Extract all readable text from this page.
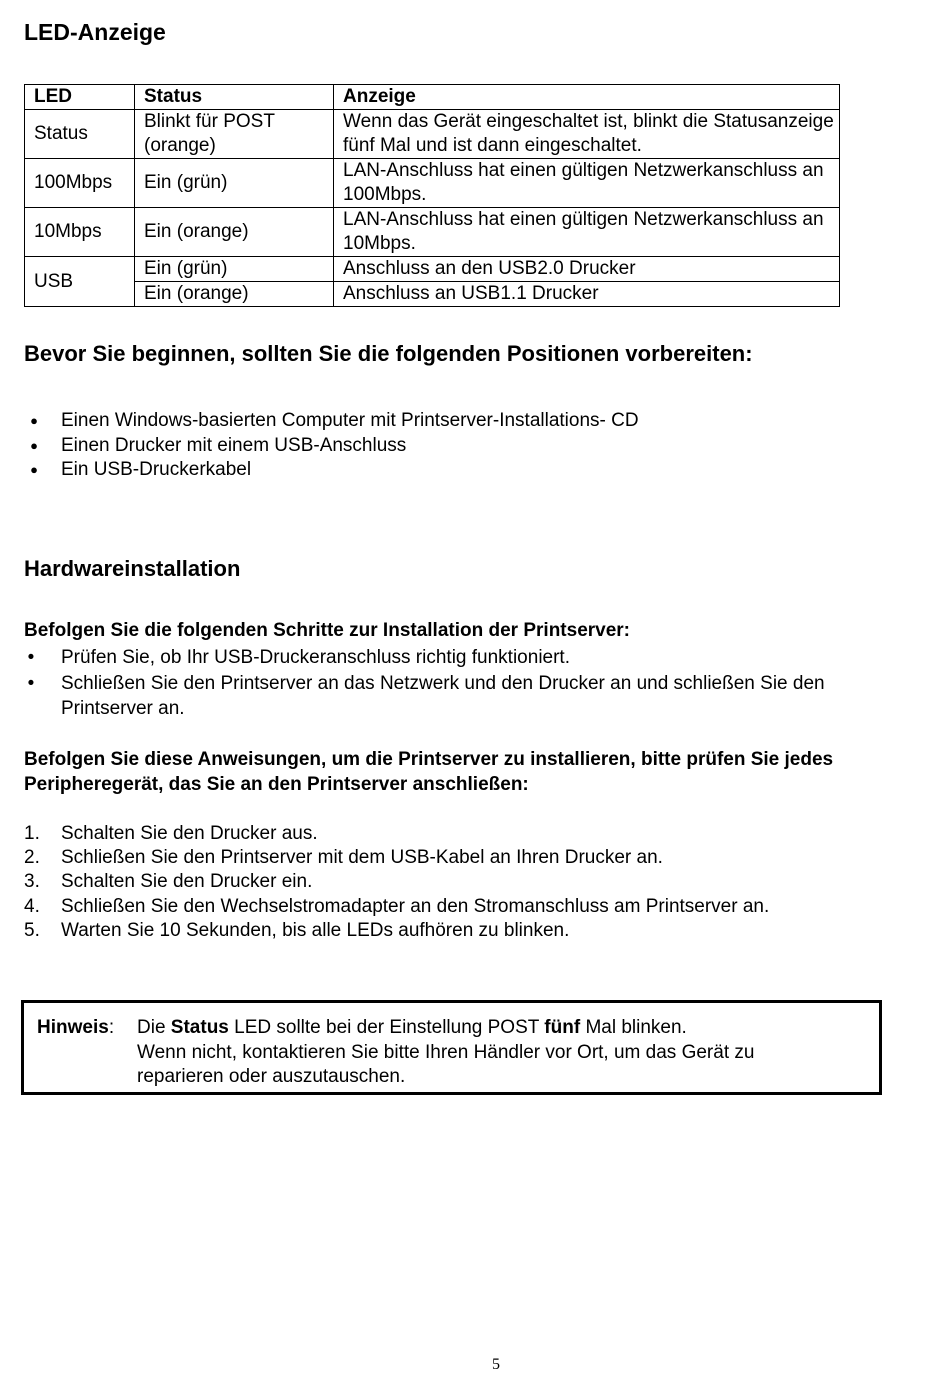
LED-Anzeige
LED	Status	Anzeige
Status	Blinkt für POST (orange)	Wenn das Gerät eingeschaltet ist, blinkt die Statusanzeige fünf Mal und ist dann eingeschaltet.
100Mbps	Ein (grün)	LAN-Anschluss hat einen gültigen Netzwerkanschluss an 100Mbps.
10Mbps	Ein (orange)	LAN-Anschluss hat einen gültigen Netzwerkanschluss an 10Mbps.
USB	Ein (grün)	Anschluss an den USB2.0 Drucker
	Ein (orange)	Anschluss an USB1.1 Drucker
Bevor Sie beginnen, sollten Sie die folgenden Positionen vorbereiten:
●	Einen Windows-basierten Computer mit Printserver-Installations- CD
●	Einen Drucker mit einem USB-Anschluss
●	Ein USB-Druckerkabel
Hardwareinstallation

Befolgen Sie die folgenden Schritte zur Installation der Printserver:

• Prüfen Sie, ob Ihr USB-Druckeranschluss richtig funktioniert.
• Schließen Sie den Printserver an das Netzwerk und den Drucker an und schließen Sie den Printserver an.

Befolgen Sie diese Anweisungen, um die Printserver zu installieren, bitte prüfen Sie jedes Peripheregerät, das Sie an den Printserver anschließen:

1.	Schalten Sie den Drucker aus.
2.	Schließen Sie den Printserver mit dem USB-Kabel an Ihren Drucker an.
3.	Schalten Sie den Drucker ein.
4.	Schließen Sie den Wechselstromadapter an den Stromanschluss am Printserver an.
5.	Warten Sie 10 Sekunden, bis alle LEDs aufhören zu blinken.
Hinweis: Die Status LED sollte bei der Einstellung POST fünf Mal blinken.
Wenn nicht, kontaktieren Sie bitte Ihren Händler vor Ort, um das Gerät zu reparieren oder auszutauschen.
5
